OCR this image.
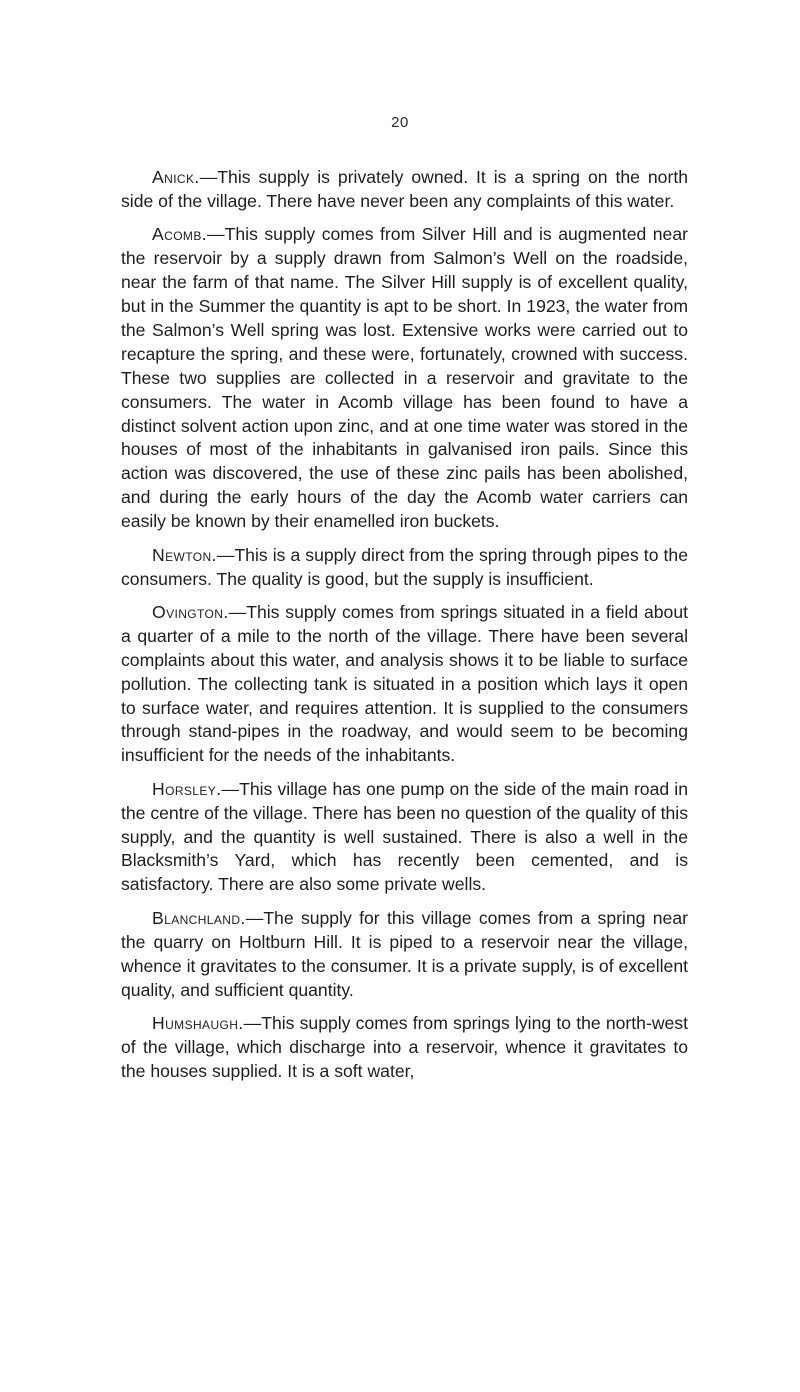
20

Anick.—This supply is privately owned. It is a spring on the north side of the village. There have never been any complaints of this water.

Acomb.—This supply comes from Silver Hill and is augmented near the reservoir by a supply drawn from Salmon’s Well on the roadside, near the farm of that name. The Silver Hill supply is of excellent quality, but in the Summer the quantity is apt to be short. In 1923, the water from the Salmon’s Well spring was lost. Extensive works were carried out to recapture the spring, and these were, fortunately, crowned with success. These two supplies are collected in a reservoir and gravitate to the consumers. The water in Acomb village has been found to have a distinct solvent action upon zinc, and at one time water was stored in the houses of most of the inhabitants in galvanised iron pails. Since this action was discovered, the use of these zinc pails has been abolished, and during the early hours of the day the Acomb water carriers can easily be known by their enamelled iron buckets.

Newton.—This is a supply direct from the spring through pipes to the consumers. The quality is good, but the supply is insufficient.

Ovington.—This supply comes from springs situated in a field about a quarter of a mile to the north of the village. There have been several complaints about this water, and analysis shows it to be liable to surface pollution. The collecting tank is situated in a position which lays it open to surface water, and requires attention. It is supplied to the consumers through stand-pipes in the roadway, and would seem to be becoming insufficient for the needs of the inhabitants.

Horsley.—This village has one pump on the side of the main road in the centre of the village. There has been no question of the quality of this supply, and the quantity is well sustained. There is also a well in the Blacksmith’s Yard, which has recently been cemented, and is satisfactory. There are also some private wells.

Blanchland.—The supply for this village comes from a spring near the quarry on Holtburn Hill. It is piped to a reservoir near the village, whence it gravitates to the consumer. It is a private supply, is of excellent quality, and sufficient quantity.

Humshaugh.—This supply comes from springs lying to the north-west of the village, which discharge into a reservoir, whence it gravitates to the houses supplied. It is a soft water,
